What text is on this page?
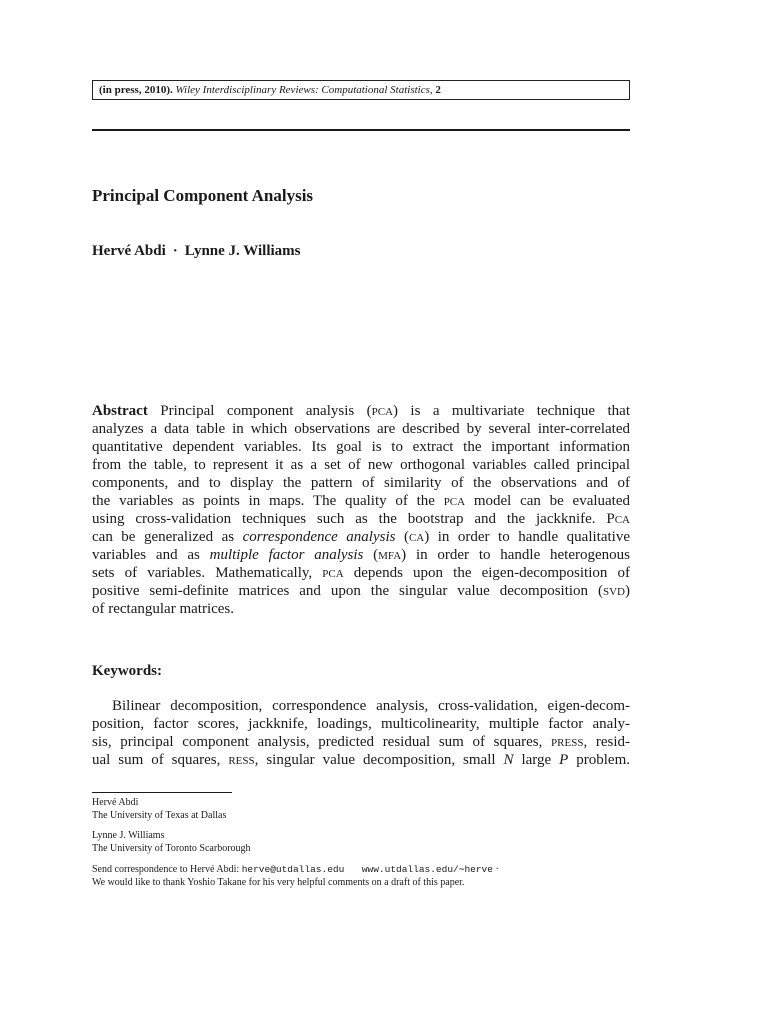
(in press, 2010). Wiley Interdisciplinary Reviews: Computational Statistics, 2
Principal Component Analysis
Hervé Abdi · Lynne J. Williams
Abstract Principal component analysis (pca) is a multivariate technique that
analyzes a data table in which observations are described by several inter-correlated
quantitative dependent variables. Its goal is to extract the important information
from the table, to represent it as a set of new orthogonal variables called principal
components, and to display the pattern of similarity of the observations and of
the variables as points in maps. The quality of the pca model can be evaluated
using cross-validation techniques such as the bootstrap and the jackknife. Pca
can be generalized as correspondence analysis (ca) in order to handle qualitative
variables and as multiple factor analysis (mfa) in order to handle heterogenous
sets of variables. Mathematically, pca depends upon the eigen-decomposition of
positive semi-definite matrices and upon the singular value decomposition (svd)
of rectangular matrices.
Keywords:
Bilinear decomposition, correspondence analysis, cross-validation, eigen-decom-
position, factor scores, jackknife, loadings, multicolinearity, multiple factor analy-
sis, principal component analysis, predicted residual sum of squares, press, resid-
ual sum of squares, ress, singular value decomposition, small N large P problem.
Hervé Abdi
The University of Texas at Dallas
Lynne J. Williams
The University of Toronto Scarborough
Send correspondence to Hervé Abdi: herve@utdallas.edu www.utdallas.edu/∼herve ·
We would like to thank Yoshio Takane for his very helpful comments on a draft of this paper.
